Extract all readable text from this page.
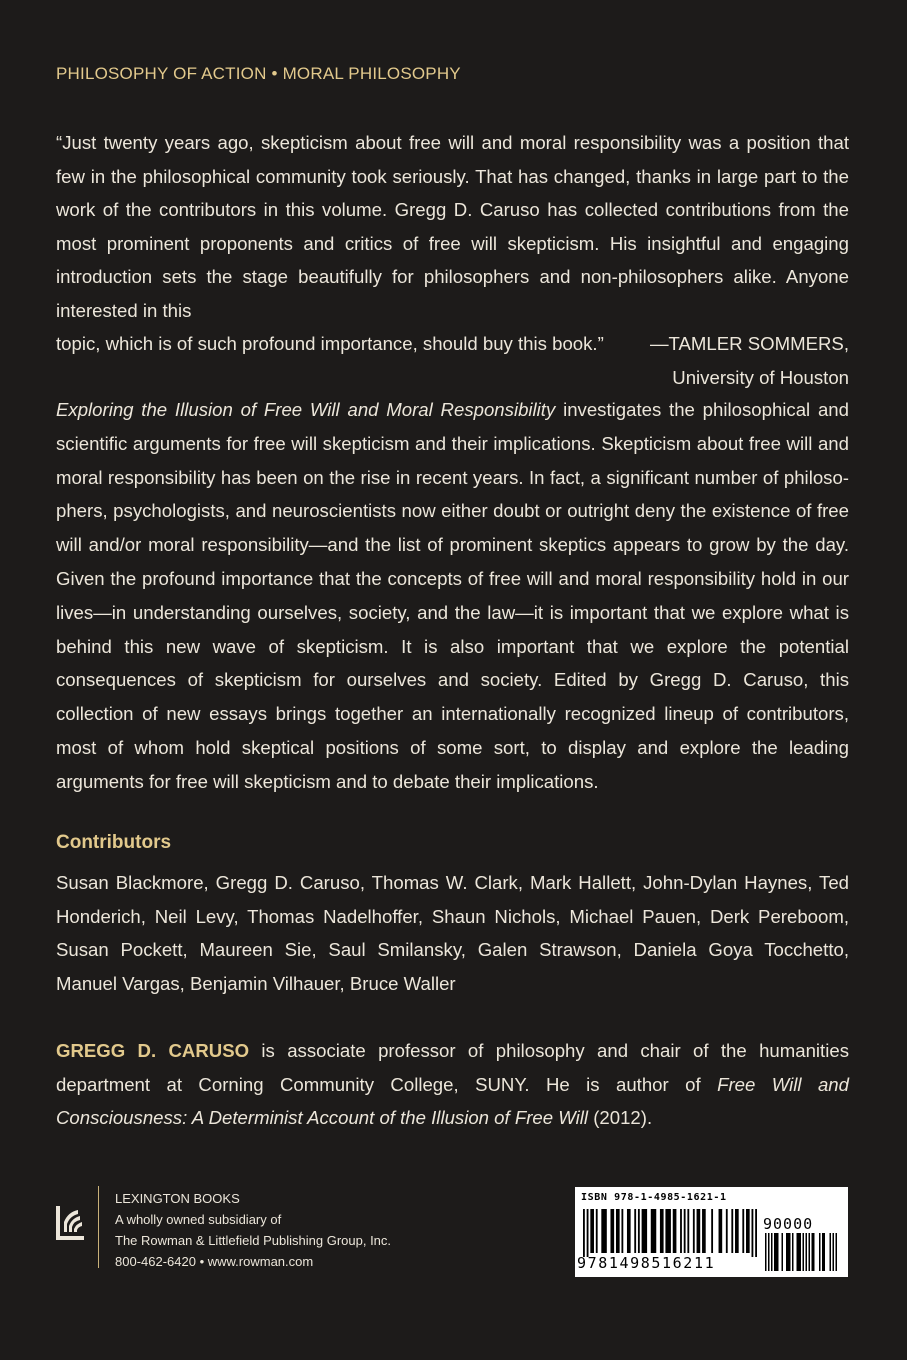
PHILOSOPHY OF ACTION • MORAL PHILOSOPHY
“Just twenty years ago, skepticism about free will and moral responsibility was a position that few in the philosophical community took seriously. That has changed, thanks in large part to the work of the contributors in this volume. Gregg D. Caruso has collected contributions from the most prominent proponents and critics of free will skepticism. His insightful and engaging introduction sets the stage beautifully for philosophers and non-philosophers alike. Anyone interested in this
topic, which is of such profound importance, should buy this book.” —TAMLER SOMMERS,
University of Houston
Exploring the Illusion of Free Will and Moral Responsibility investigates the philosophical and scientific arguments for free will skepticism and their implications. Skepticism about free will and moral responsibility has been on the rise in recent years. In fact, a significant number of philoso-phers, psychologists, and neuroscientists now either doubt or outright deny the existence of free will and/or moral responsibility—and the list of prominent skeptics appears to grow by the day. Given the profound importance that the concepts of free will and moral responsibility hold in our lives—in understanding ourselves, society, and the law—it is important that we explore what is behind this new wave of skepticism. It is also important that we explore the potential consequences of skepticism for ourselves and society. Edited by Gregg D. Caruso, this collection of new essays brings together an internationally recognized lineup of contributors, most of whom hold skeptical positions of some sort, to display and explore the leading arguments for free will skepticism and to debate their implications.
Contributors
Susan Blackmore, Gregg D. Caruso, Thomas W. Clark, Mark Hallett, John-Dylan Haynes, Ted Honderich, Neil Levy, Thomas Nadelhoffer, Shaun Nichols, Michael Pauen, Derk Pereboom, Susan Pockett, Maureen Sie, Saul Smilansky, Galen Strawson, Daniela Goya Tocchetto, Manuel Vargas, Benjamin Vilhauer, Bruce Waller
GREGG D. CARUSO is associate professor of philosophy and chair of the humanities department at Corning Community College, SUNY. He is author of Free Will and Consciousness: A Determinist Account of the Illusion of Free Will (2012).
LEXINGTON BOOKS
A wholly owned subsidiary of
The Rowman & Littlefield Publishing Group, Inc.
800-462-6420 • www.rowman.com
ISBN 978-1-4985-1621-1
90000
9781498516211
